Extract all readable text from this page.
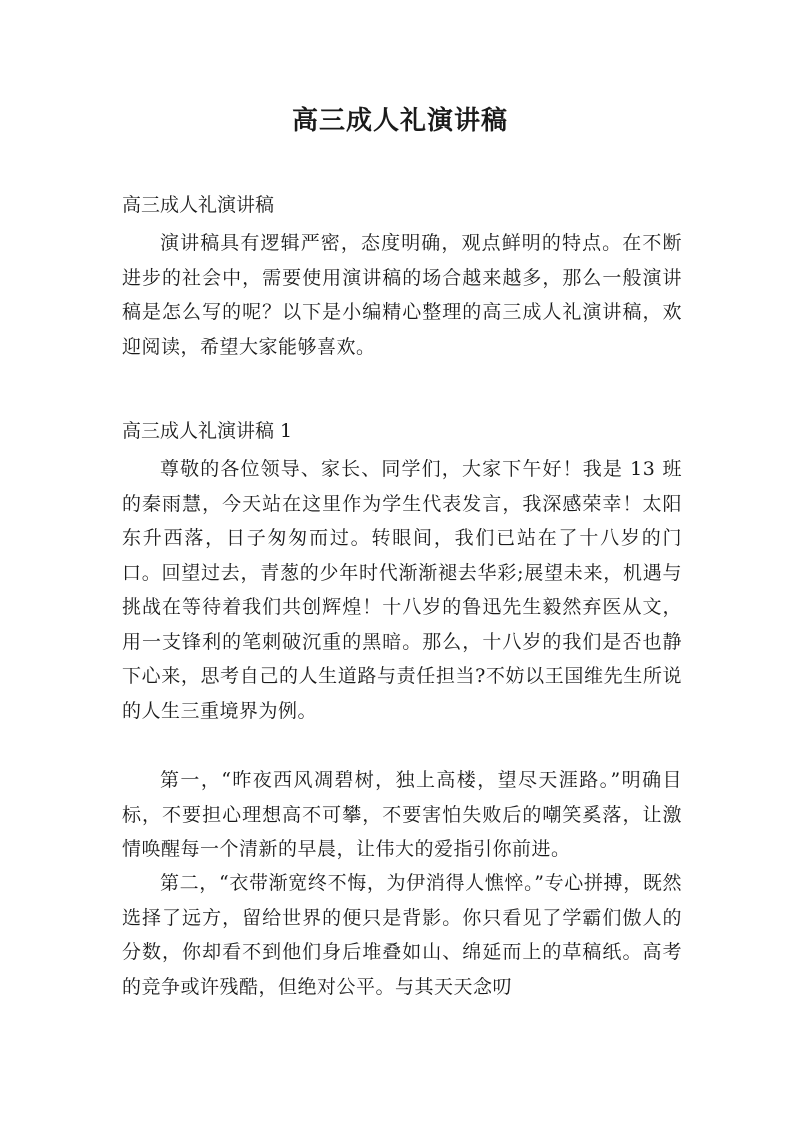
高三成人礼演讲稿
高三成人礼演讲稿
演讲稿具有逻辑严密，态度明确，观点鲜明的特点。在不断进步的社会中，需要使用演讲稿的场合越来越多，那么一般演讲稿是怎么写的呢？以下是小编精心整理的高三成人礼演讲稿，欢迎阅读，希望大家能够喜欢。
高三成人礼演讲稿 1
尊敬的各位领导、家长、同学们，大家下午好！我是 13 班的秦雨慧，今天站在这里作为学生代表发言，我深感荣幸！太阳东升西落，日子匆匆而过。转眼间，我们已站在了十八岁的门口。回望过去，青葱的少年时代渐渐褪去华彩;展望未来，机遇与挑战在等待着我们共创辉煌！十八岁的鲁迅先生毅然弃医从文，用一支锋利的笔刺破沉重的黑暗。那么，十八岁的我们是否也静下心来，思考自己的人生道路与责任担当?不妨以王国维先生所说的人生三重境界为例。
第一，“昨夜西风凋碧树，独上高楼，望尽天涯路。”明确目标，不要担心理想高不可攀，不要害怕失败后的嘲笑奚落，让激情唤醒每一个清新的早晨，让伟大的爱指引你前进。
第二，“衣带渐宽终不悔，为伊消得人憔悴。”专心拼搏，既然选择了远方，留给世界的便只是背影。你只看见了学霸们傲人的分数，你却看不到他们身后堆叠如山、绵延而上的草稿纸。高考的竞争或许残酷，但绝对公平。与其天天念叨
